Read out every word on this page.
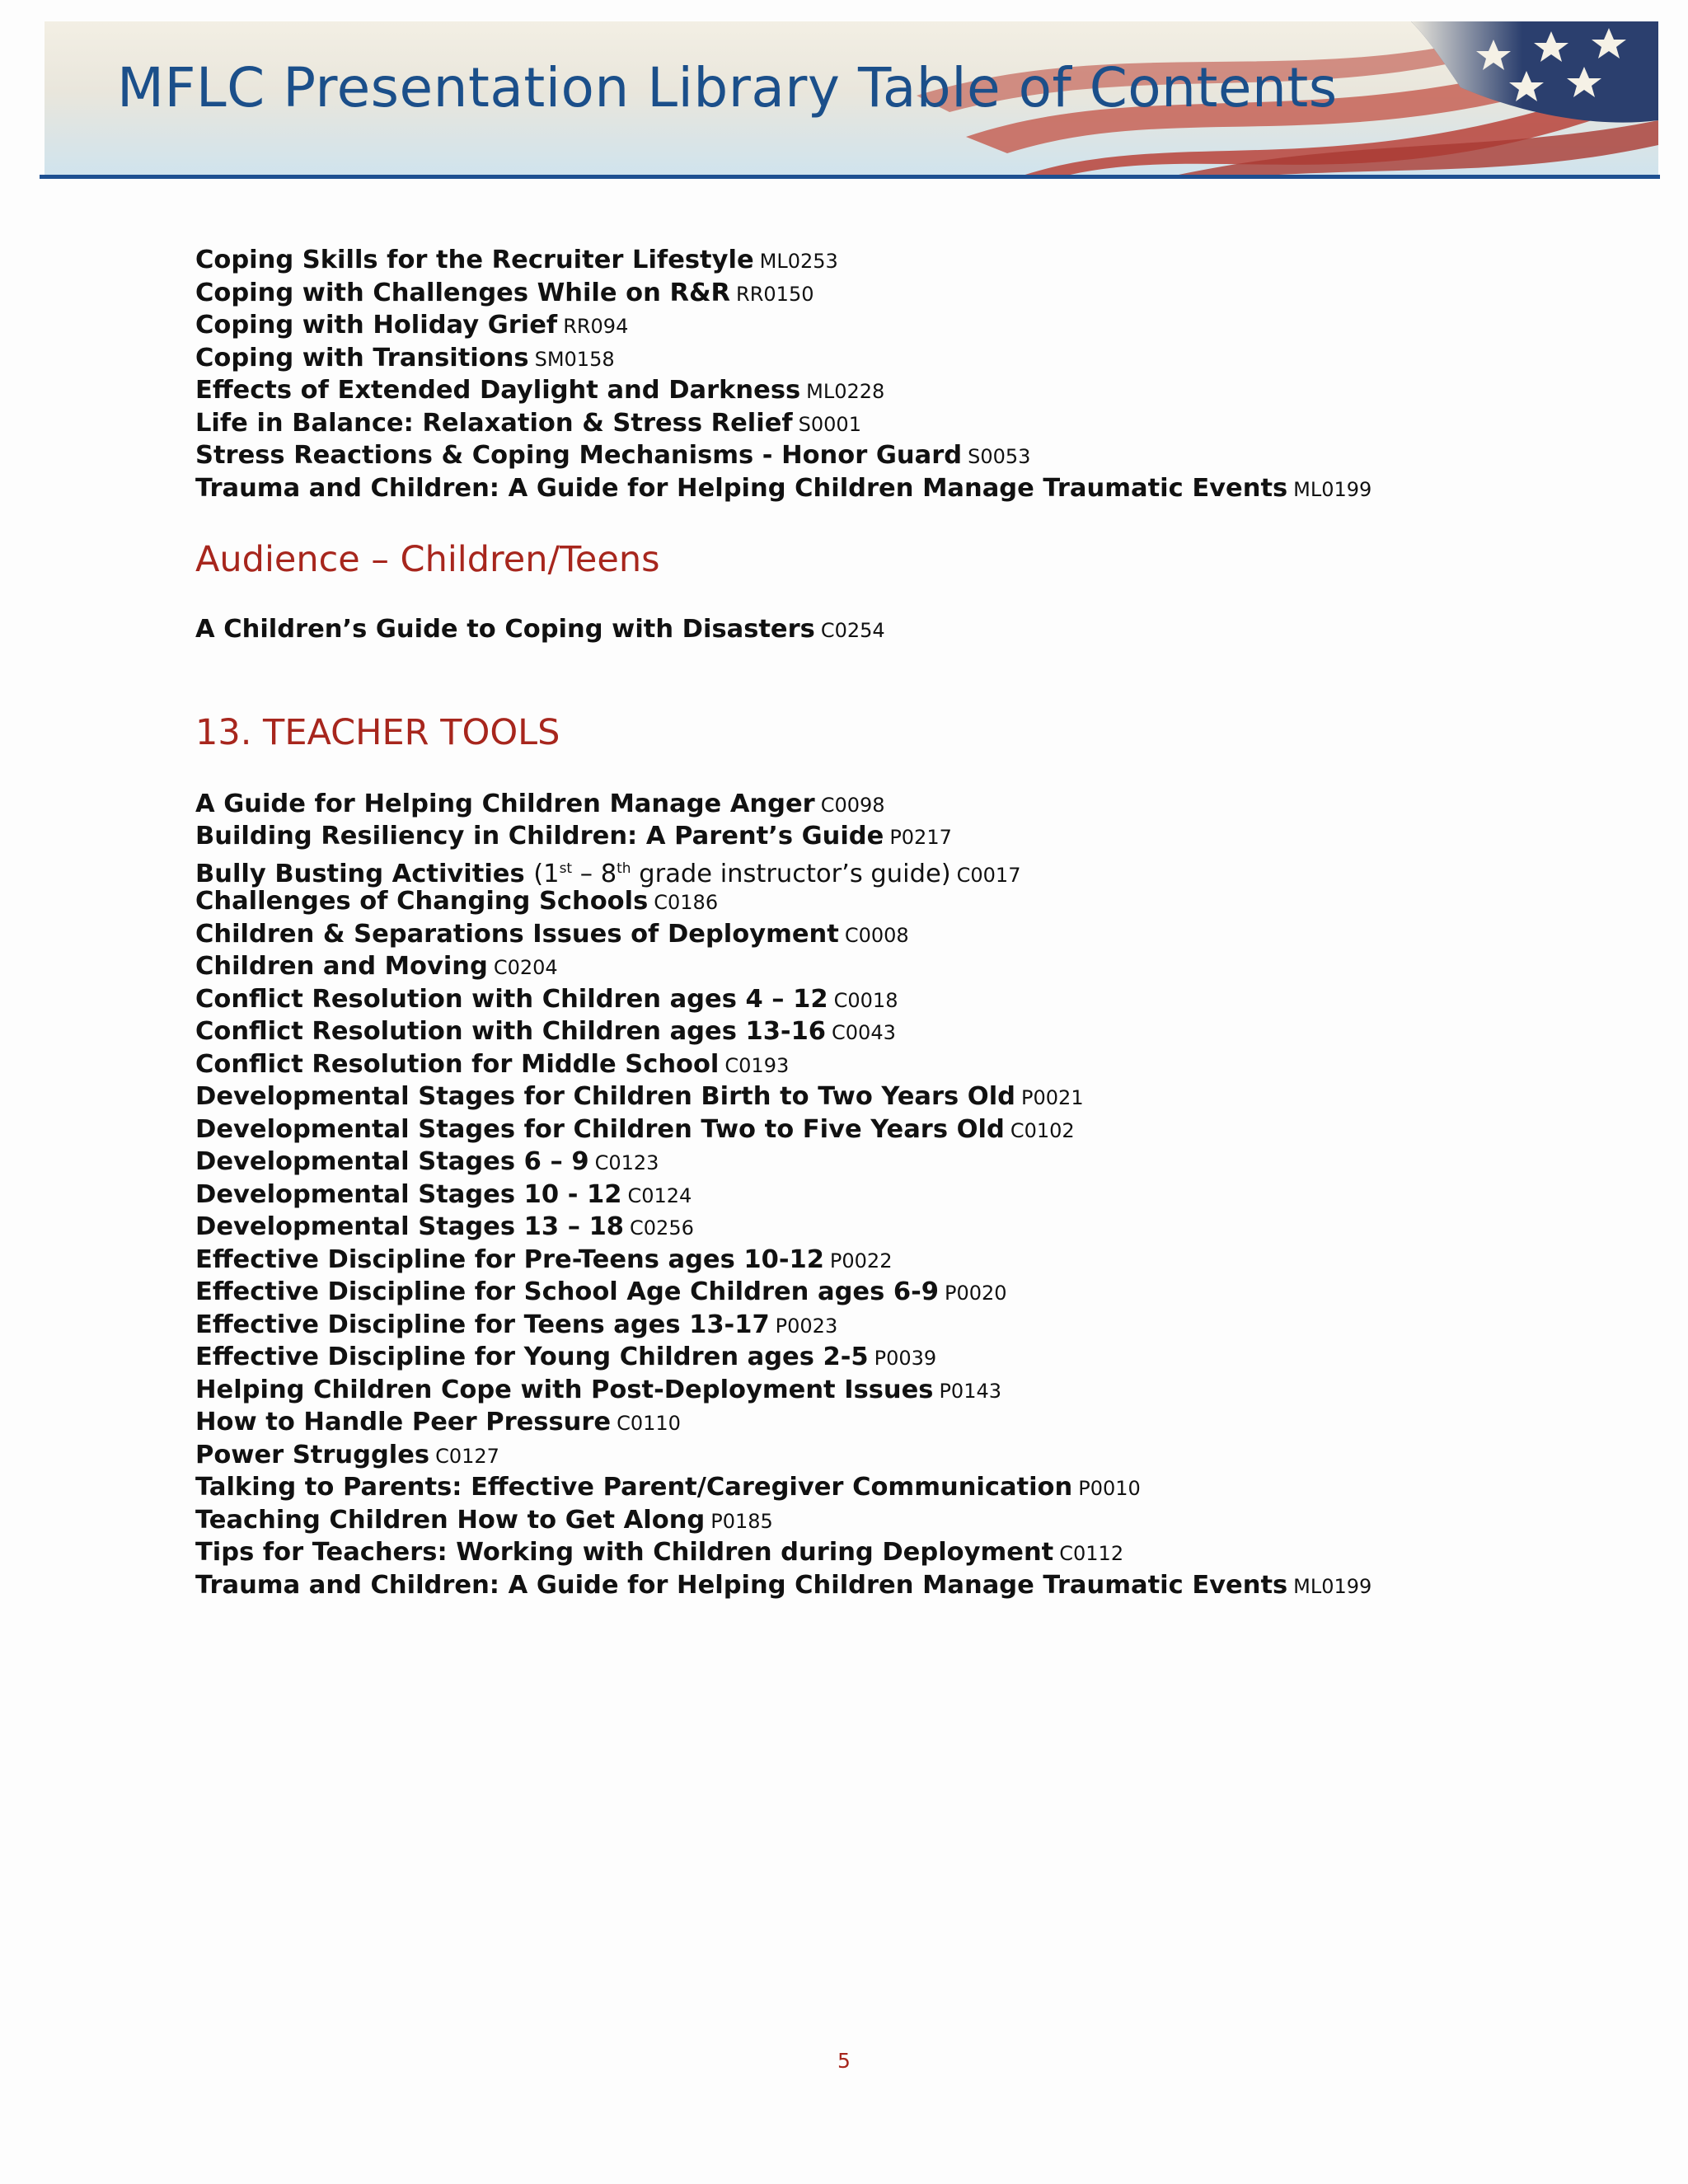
MFLC Presentation Library Table of Contents
Coping Skills for the Recruiter Lifestyle ML0253
Coping with Challenges While on R&R RR0150
Coping with Holiday Grief RR094
Coping with Transitions SM0158
Effects of Extended Daylight and Darkness ML0228
Life in Balance: Relaxation & Stress Relief S0001
Stress Reactions & Coping Mechanisms - Honor Guard S0053
Trauma and Children: A Guide for Helping Children Manage Traumatic Events ML0199
Audience – Children/Teens
A Children’s Guide to Coping with Disasters C0254
13. TEACHER TOOLS
A Guide for Helping Children Manage Anger C0098
Building Resiliency in Children: A Parent’s Guide P0217
Bully Busting Activities (1st – 8th grade instructor’s guide) C0017
Challenges of Changing Schools C0186
Children & Separations Issues of Deployment C0008
Children and Moving C0204
Conflict Resolution with Children ages 4 – 12 C0018
Conflict Resolution with Children ages 13-16 C0043
Conflict Resolution for Middle School C0193
Developmental Stages for Children Birth to Two Years Old P0021
Developmental Stages for Children Two to Five Years Old C0102
Developmental Stages 6 – 9 C0123
Developmental Stages 10 - 12 C0124
Developmental Stages 13 – 18 C0256
Effective Discipline for Pre-Teens ages 10-12 P0022
Effective Discipline for School Age Children ages 6-9 P0020
Effective Discipline for Teens ages 13-17 P0023
Effective Discipline for Young Children ages 2-5 P0039
Helping Children Cope with Post-Deployment Issues P0143
How to Handle Peer Pressure C0110
Power Struggles C0127
Talking to Parents: Effective Parent/Caregiver Communication P0010
Teaching Children How to Get Along P0185
Tips for Teachers: Working with Children during Deployment C0112
Trauma and Children: A Guide for Helping Children Manage Traumatic Events ML0199
5
